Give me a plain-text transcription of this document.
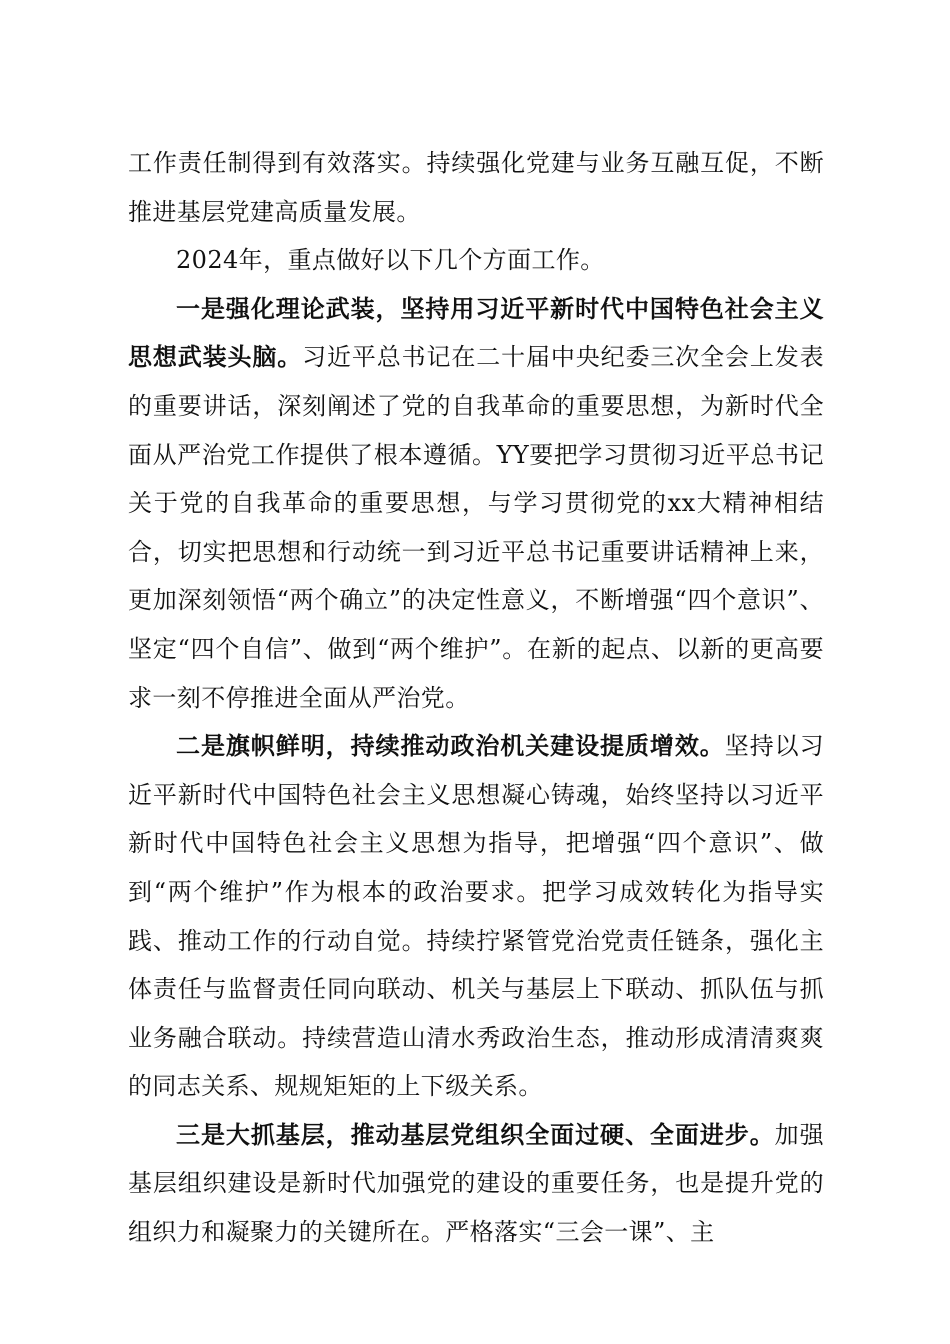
工作责任制得到有效落实。持续强化党建与业务互融互促，不断推进基层党建高质量发展。

2024年，重点做好以下几个方面工作。

一是强化理论武装，坚持用习近平新时代中国特色社会主义思想武装头脑。习近平总书记在二十届中央纪委三次全会上发表的重要讲话，深刻阐述了党的自我革命的重要思想，为新时代全面从严治党工作提供了根本遵循。YY要把学习贯彻习近平总书记关于党的自我革命的重要思想，与学习贯彻党的xx大精神相结合，切实把思想和行动统一到习近平总书记重要讲话精神上来，更加深刻领悟“两个确立”的决定性意义，不断增强“四个意识”、坚定“四个自信”、做到“两个维护”。在新的起点、以新的更高要求一刻不停推进全面从严治党。

二是旗帜鲜明，持续推动政治机关建设提质增效。坚持以习近平新时代中国特色社会主义思想凝心铸魂，始终坚持以习近平新时代中国特色社会主义思想为指导，把增强“四个意识”、做到“两个维护”作为根本的政治要求。把学习成效转化为指导实践、推动工作的行动自觉。持续拧紧管党治党责任链条，强化主体责任与监督责任同向联动、机关与基层上下联动、抓队伍与抓业务融合联动。持续营造山清水秀政治生态，推动形成清清爽爽的同志关系、规规矩矩的上下级关系。

三是大抓基层，推动基层党组织全面过硬、全面进步。加强基层组织建设是新时代加强党的建设的重要任务，也是提升党的组织力和凝聚力的关键所在。严格落实“三会一课”、主
